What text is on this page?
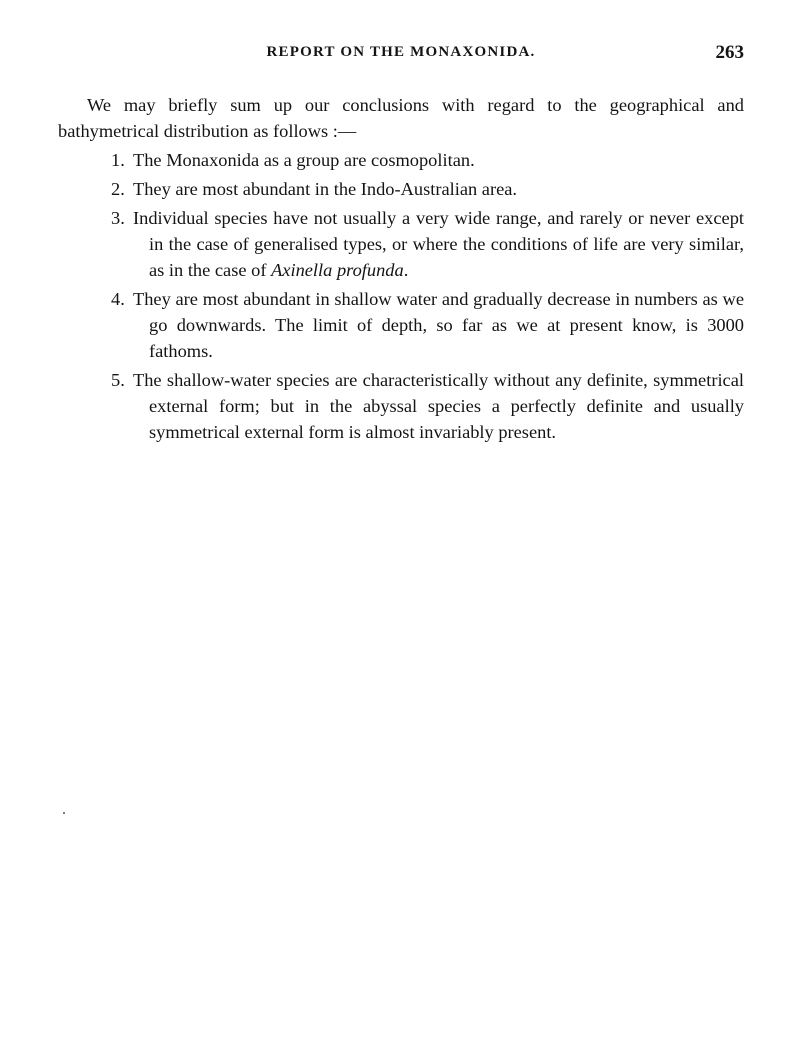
REPORT ON THE MONAXONIDA.	263

We may briefly sum up our conclusions with regard to the geographical and bathymetrical distribution as follows :—

1. The Monaxonida as a group are cosmopolitan.
2. They are most abundant in the Indo-Australian area.
3. Individual species have not usually a very wide range, and rarely or never except in the case of generalised types, or where the conditions of life are very similar, as in the case of Axinella profunda.
4. They are most abundant in shallow water and gradually decrease in numbers as we go downwards. The limit of depth, so far as we at present know, is 3000 fathoms.
5. The shallow-water species are characteristically without any definite, symmetrical external form; but in the abyssal species a perfectly definite and usually symmetrical external form is almost invariably present.
